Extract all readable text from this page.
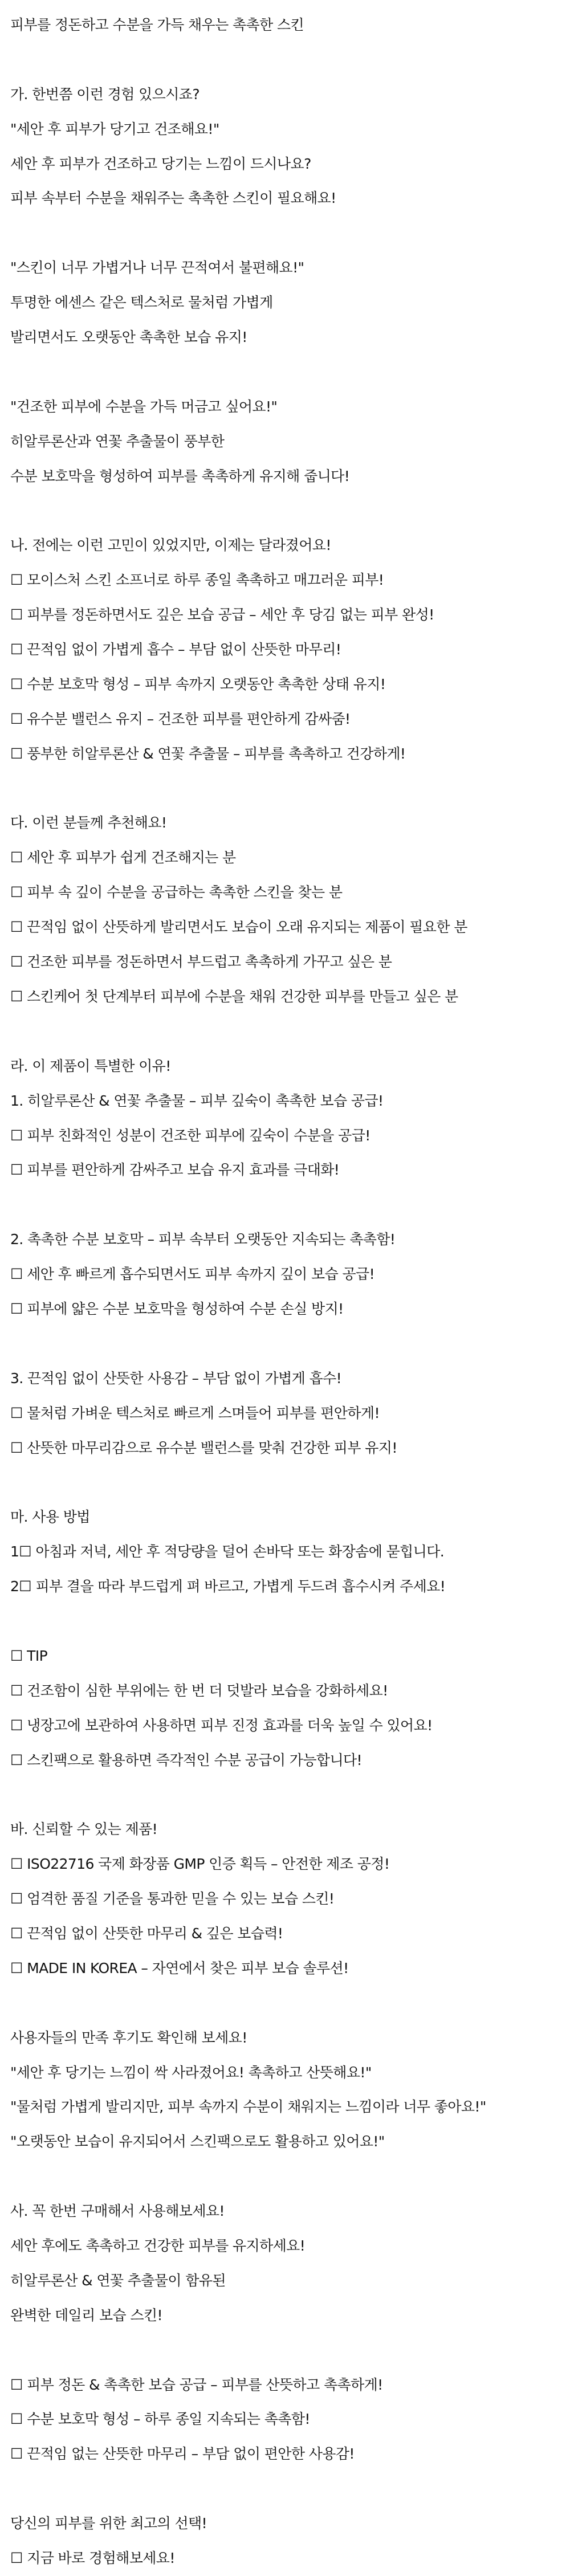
피부를 정돈하고 수분을 가득 채우는 촉촉한 스킨
가. 한번쯤 이런 경험 있으시죠?
"세안 후 피부가 당기고 건조해요!"
세안 후 피부가 건조하고 당기는 느낌이 드시나요?
피부 속부터 수분을 채워주는 촉촉한 스킨이 필요해요!
"스킨이 너무 가볍거나 너무 끈적여서 불편해요!"
투명한 에센스 같은 텍스처로 물처럼 가볍게
발리면서도 오랫동안 촉촉한 보습 유지!
"건조한 피부에 수분을 가득 머금고 싶어요!"
히알루론산과 연꽃 추출물이 풍부한
수분 보호막을 형성하여 피부를 촉촉하게 유지해 줍니다!
나. 전에는 이런 고민이 있었지만, 이제는 달라졌어요!
☐ 모이스처 스킨 소프너로 하루 종일 촉촉하고 매끄러운 피부!
☐ 피부를 정돈하면서도 깊은 보습 공급 – 세안 후 당김 없는 피부 완성!
☐ 끈적임 없이 가볍게 흡수 – 부담 없이 산뜻한 마무리!
☐ 수분 보호막 형성 – 피부 속까지 오랫동안 촉촉한 상태 유지!
☐ 유수분 밸런스 유지 – 건조한 피부를 편안하게 감싸줌!
☐ 풍부한 히알루론산 & 연꽃 추출물 – 피부를 촉촉하고 건강하게!
다. 이런 분들께 추천해요!
☐ 세안 후 피부가 쉽게 건조해지는 분
☐ 피부 속 깊이 수분을 공급하는 촉촉한 스킨을 찾는 분
☐ 끈적임 없이 산뜻하게 발리면서도 보습이 오래 유지되는 제품이 필요한 분
☐ 건조한 피부를 정돈하면서 부드럽고 촉촉하게 가꾸고 싶은 분
☐ 스킨케어 첫 단계부터 피부에 수분을 채워 건강한 피부를 만들고 싶은 분
라. 이 제품이 특별한 이유!
1. 히알루론산 & 연꽃 추출물 – 피부 깊숙이 촉촉한 보습 공급!
☐ 피부 친화적인 성분이 건조한 피부에 깊숙이 수분을 공급!
☐ 피부를 편안하게 감싸주고 보습 유지 효과를 극대화!
2. 촉촉한 수분 보호막 – 피부 속부터 오랫동안 지속되는 촉촉함!
☐ 세안 후 빠르게 흡수되면서도 피부 속까지 깊이 보습 공급!
☐ 피부에 얇은 수분 보호막을 형성하여 수분 손실 방지!
3. 끈적임 없이 산뜻한 사용감 – 부담 없이 가볍게 흡수!
☐ 물처럼 가벼운 텍스처로 빠르게 스며들어 피부를 편안하게!
☐ 산뜻한 마무리감으로 유수분 밸런스를 맞춰 건강한 피부 유지!
마. 사용 방법
1☐ 아침과 저녁, 세안 후 적당량을 덜어 손바닥 또는 화장솜에 묻힙니다.
2☐ 피부 결을 따라 부드럽게 펴 바르고, 가볍게 두드려 흡수시켜 주세요!
☐ TIP
☐ 건조함이 심한 부위에는 한 번 더 덧발라 보습을 강화하세요!
☐ 냉장고에 보관하여 사용하면 피부 진정 효과를 더욱 높일 수 있어요!
☐ 스킨팩으로 활용하면 즉각적인 수분 공급이 가능합니다!
바. 신뢰할 수 있는 제품!
☐ ISO22716 국제 화장품 GMP 인증 획득 – 안전한 제조 공정!
☐ 엄격한 품질 기준을 통과한 믿을 수 있는 보습 스킨!
☐ 끈적임 없이 산뜻한 마무리 & 깊은 보습력!
☐ MADE IN KOREA – 자연에서 찾은 피부 보습 솔루션!
사용자들의 만족 후기도 확인해 보세요!
"세안 후 당기는 느낌이 싹 사라졌어요! 촉촉하고 산뜻해요!"
"물처럼 가볍게 발리지만, 피부 속까지 수분이 채워지는 느낌이라 너무 좋아요!"
"오랫동안 보습이 유지되어서 스킨팩으로도 활용하고 있어요!"
사. 꼭 한번 구매해서 사용해보세요!
세안 후에도 촉촉하고 건강한 피부를 유지하세요!
히알루론산 & 연꽃 추출물이 함유된
완벽한 데일리 보습 스킨!
☐ 피부 정돈 & 촉촉한 보습 공급 – 피부를 산뜻하고 촉촉하게!
☐ 수분 보호막 형성 – 하루 종일 지속되는 촉촉함!
☐ 끈적임 없는 산뜻한 마무리 – 부담 없이 편안한 사용감!
당신의 피부를 위한 최고의 선택!
☐ 지금 바로 경험해보세요!
